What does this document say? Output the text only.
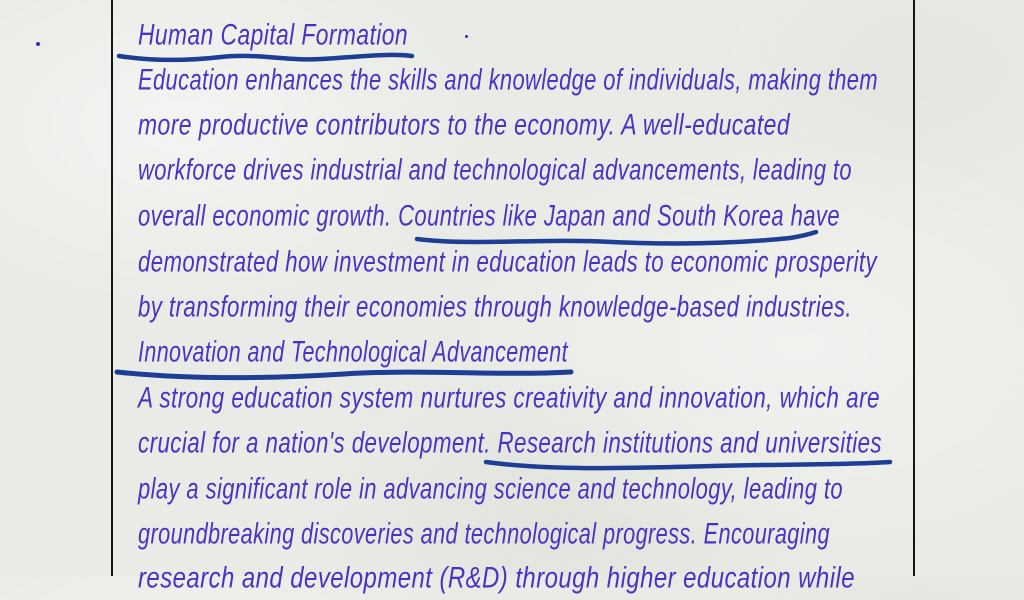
Human Capital Formation
Education enhances the skills and knowledge of individuals, making them
more productive contributors to the economy. A well-educated
workforce drives industrial and technological advancements, leading to
overall economic growth. Countries like Japan and South Korea have
demonstrated how investment in education leads to economic prosperity
by transforming their economies through knowledge-based industries.
Innovation and Technological Advancement
A strong education system nurtures creativity and innovation, which are
crucial for a nation's development. Research institutions and universities
play a significant role in advancing science and technology, leading to
groundbreaking discoveries and technological progress. Encouraging
research and development (R&D) through higher education while
